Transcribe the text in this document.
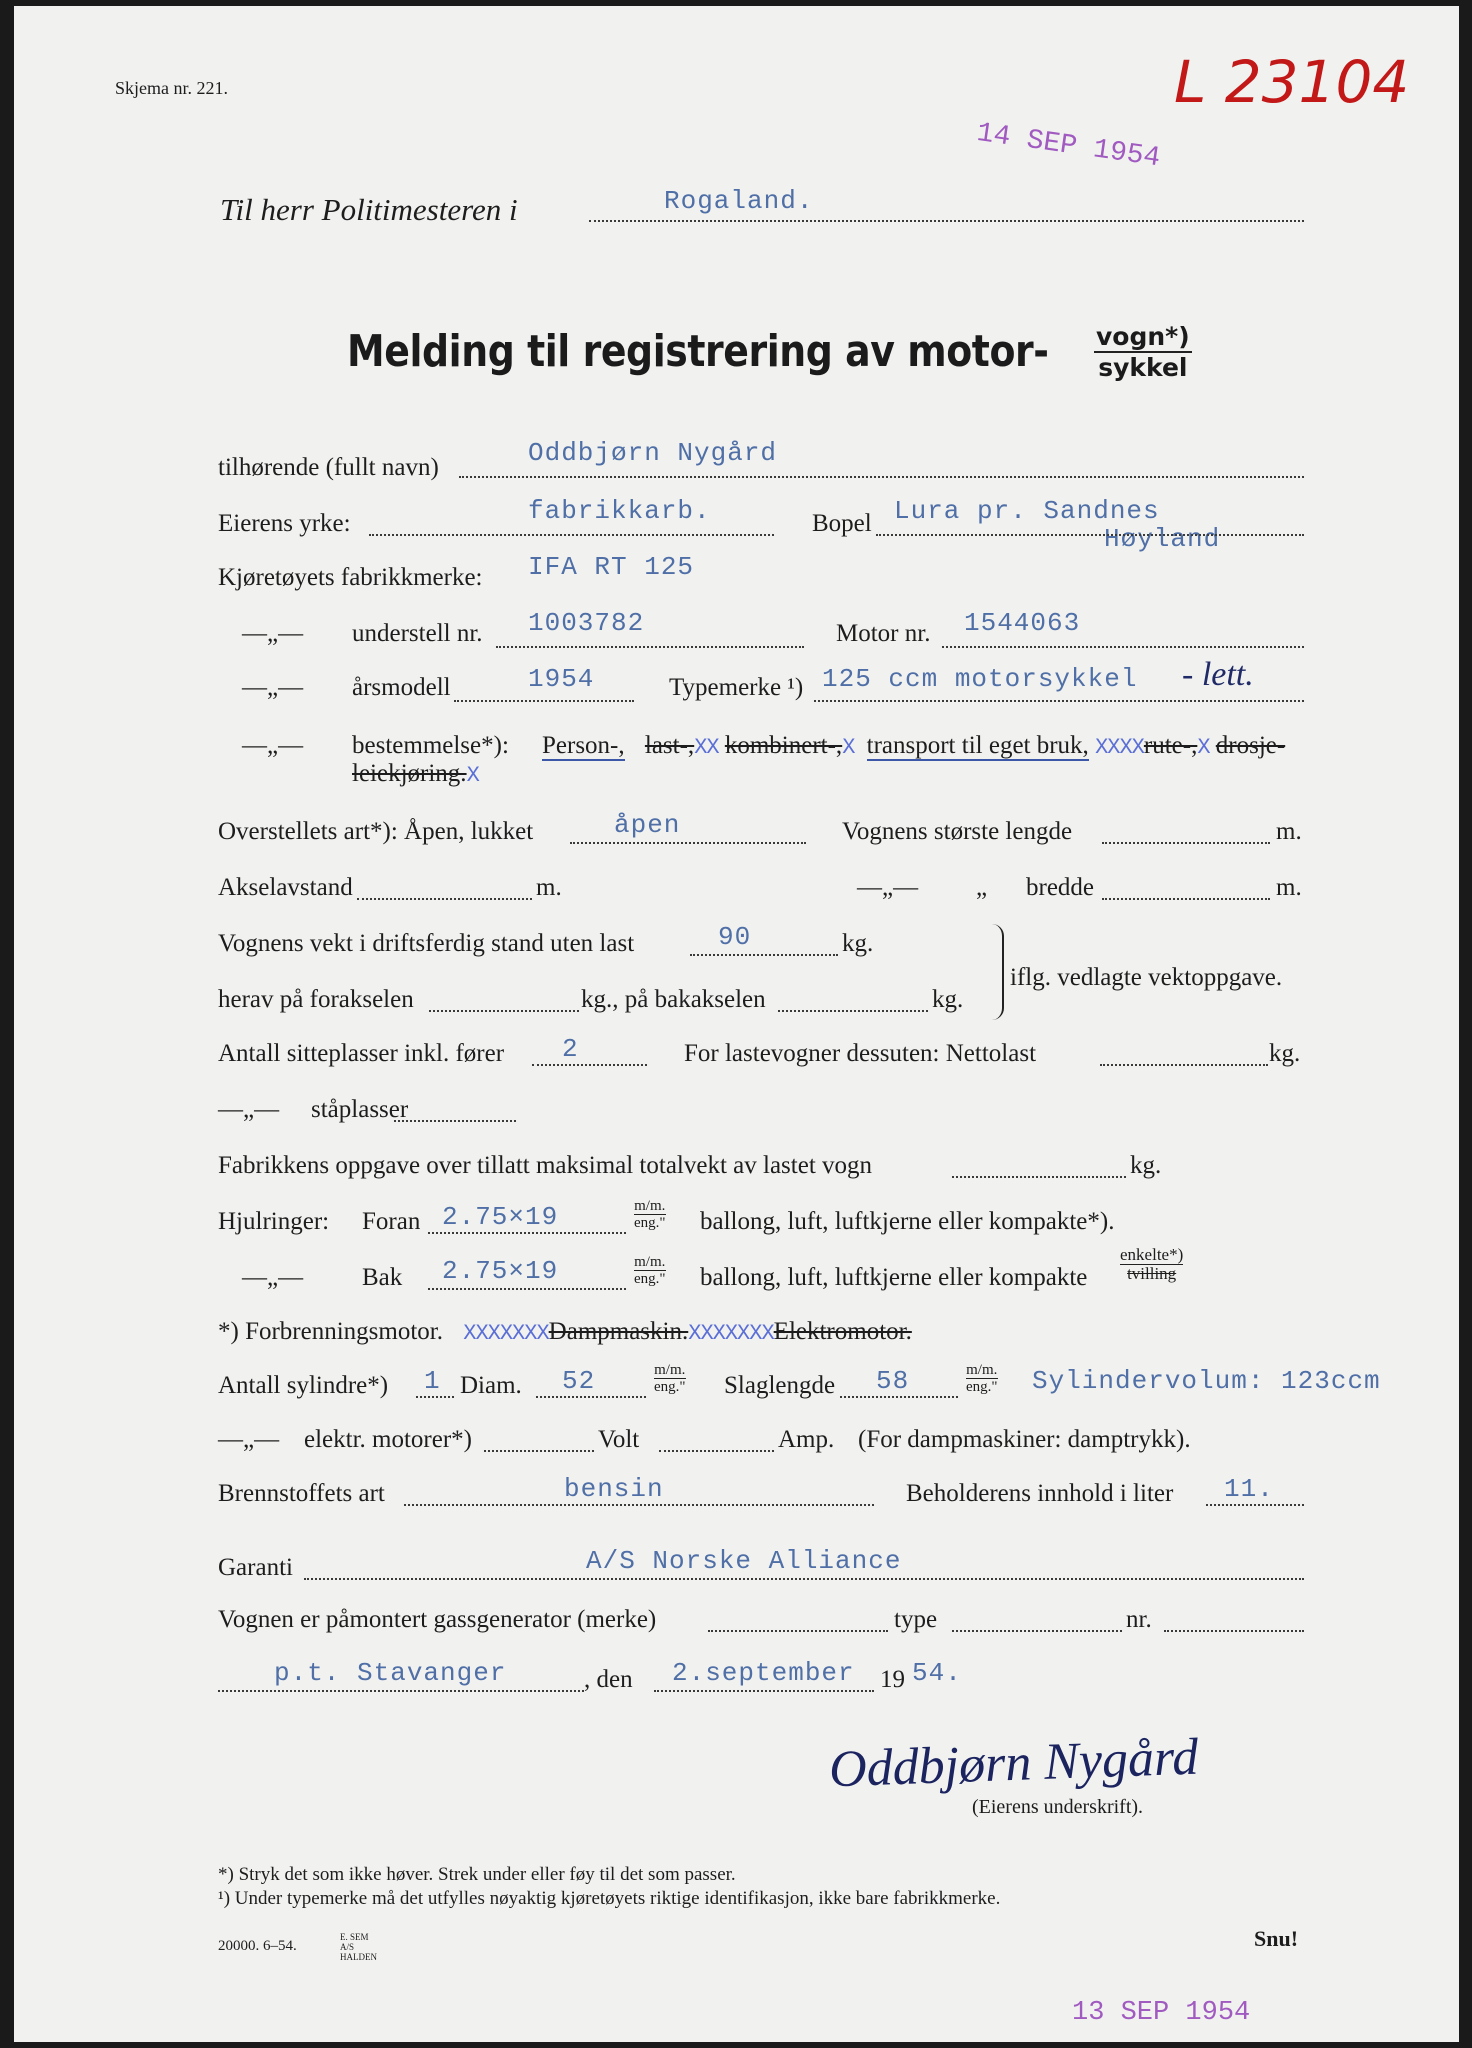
Skjema nr. 221.	L 23104
14 SEP 1954
Til herr Politimesteren i	Rogaland.
Melding til registrering av motor- vogn*)
sykkel
tilhørende (fullt navn)	Oddbjørn Nygård
Eierens yrke:	fabrikkarb.	Bopel Lura pr. Sandnes
Høyland
Kjøretøyets fabrikkmerke: IFA RT 125
—„— understell nr. 1003782	Motor nr. 1544063
—„— årsmodell	1954	Typemerke ¹) 125 ccm motorsykkel - lett.
—„— bestemmelse*): Person-, last-,XX kombinert-,X transport til eget bruk, XXXXrute-,X drosje-
leiekjøring.X
Overstellets art*): Åpen, lukket	åpen	Vognens største lengde	m.
Akselavstand	m.	—„— „ bredde	m.
Vognens vekt i driftsferdig stand uten last	90	kg.
herav på forakselen	kg., på bakakselen	kg.
iflg. vedlagte vektoppgave.
Antall sitteplasser inkl. fører 2	For lastevogner dessuten: Nettolast	kg.
—„— ståplasser
Fabrikkens oppgave over tillatt maksimal totalvekt av lastet vogn	kg.
Hjulringer: Foran 2.75×19	m/m.
eng." ballong, luft, luftkjerne eller kompakte*).
—„— Bak 2.75×19	m/m.
eng." ballong, luft, luftkjerne eller kompakte
enkelte*)
tvilling
*) Forbrenningsmotor. XXXXXXXDampmaskin.XXXXXXXElektromotor.
Antall sylindre*) 1 Diam. 52	m/m.
eng." Slaglengde 58	m/m.
eng." Sylindervolum: 123ccm
—„— elektr. motorer*)	Volt	Amp. (For dampmaskiner: damptrykk).
Brennstoffets art	bensin	Beholderens innhold i liter 11.
Garanti	A/S Norske Alliance
Vognen er påmontert gassgenerator (merke)	type	nr.
p.t. Stavanger	, den 2.september 19 54.
Oddbjørn Nygård
(Eierens underskrift).
*) Stryk det som ikke høver. Strek under eller føy til det som passer.
¹) Under typemerke må det utfylles nøyaktig kjøretøyets riktige identifikasjon, ikke bare fabrikkmerke.
20000. 6–54.
E. SEM A/S HALDEN
Snu!
13 SEP 1954
